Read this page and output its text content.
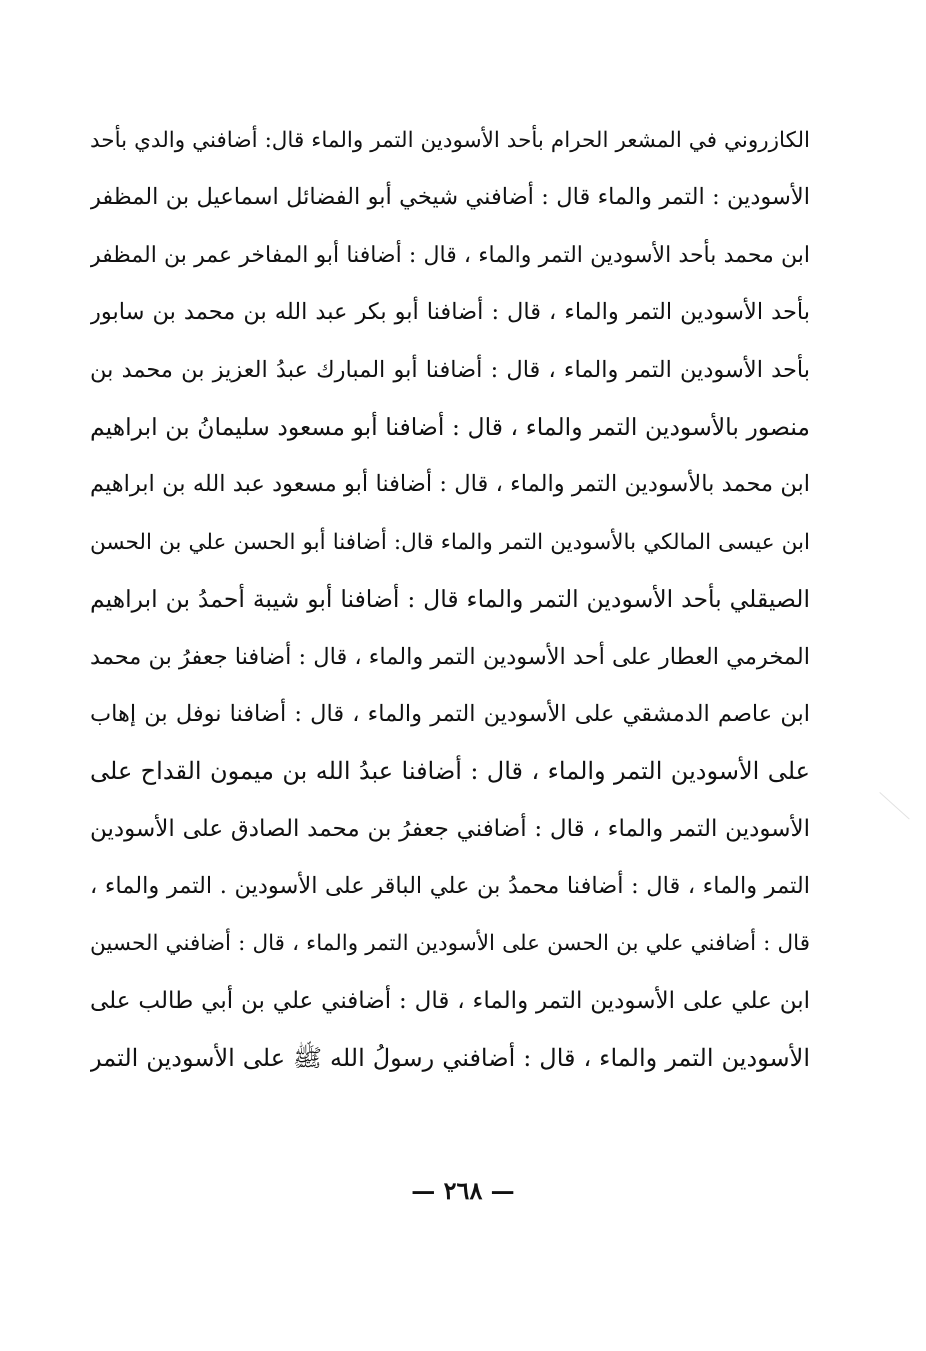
الكازروني في المشعر الحرام بأحد الأسودين التمر والماء قال: أضافني والدي بأحد
الأسودين : التمر والماء قال : أضافني شيخي أبو الفضائل اسماعيل بن المظفر
ابن محمد بأحد الأسودين التمر والماء ، قال : أضافنا أبو المفاخر عمر بن المظفر
بأحد الأسودين التمر والماء ، قال : أضافنا أبو بكر عبد الله بن محمد بن سابور
بأحد الأسودين التمر والماء ، قال : أضافنا أبو المبارك عبدُ العزيز بن محمد بن
منصور بالأسودين التمر والماء ، قال : أضافنا أبو مسعود سليمانُ بن ابراهيم
ابن محمد بالأسودين التمر والماء ، قال : أضافنا أبو مسعود عبد الله بن ابراهيم
ابن عيسى المالكي بالأسودين التمر والماء قال: أضافنا أبو الحسن علي بن الحسن
الصيقلي بأحد الأسودين التمر والماء قال : أضافنا أبو شيبة أحمدُ بن ابراهيم
المخرمي العطار على أحد الأسودين التمر والماء ، قال : أضافنا جعفرُ بن محمد
ابن عاصم الدمشقي على الأسودين التمر والماء ، قال : أضافنا نوفل بن إهاب
على الأسودين التمر والماء ، قال : أضافنا عبدُ الله بن ميمون القداح على
الأسودين التمر والماء ، قال : أضافني جعفرُ بن محمد الصادق على الأسودين
التمر والماء ، قال : أضافنا محمدُ بن علي الباقر على الأسودين . التمر والماء ،
قال : أضافني علي بن الحسن على الأسودين التمر والماء ، قال : أضافني الحسين
ابن علي على الأسودين التمر والماء ، قال : أضافني علي بن أبي طالب على
الأسودين التمر والماء ، قال : أضافني رسولُ الله ﷺ على الأسودين التمر
— ٢٦٨ —
